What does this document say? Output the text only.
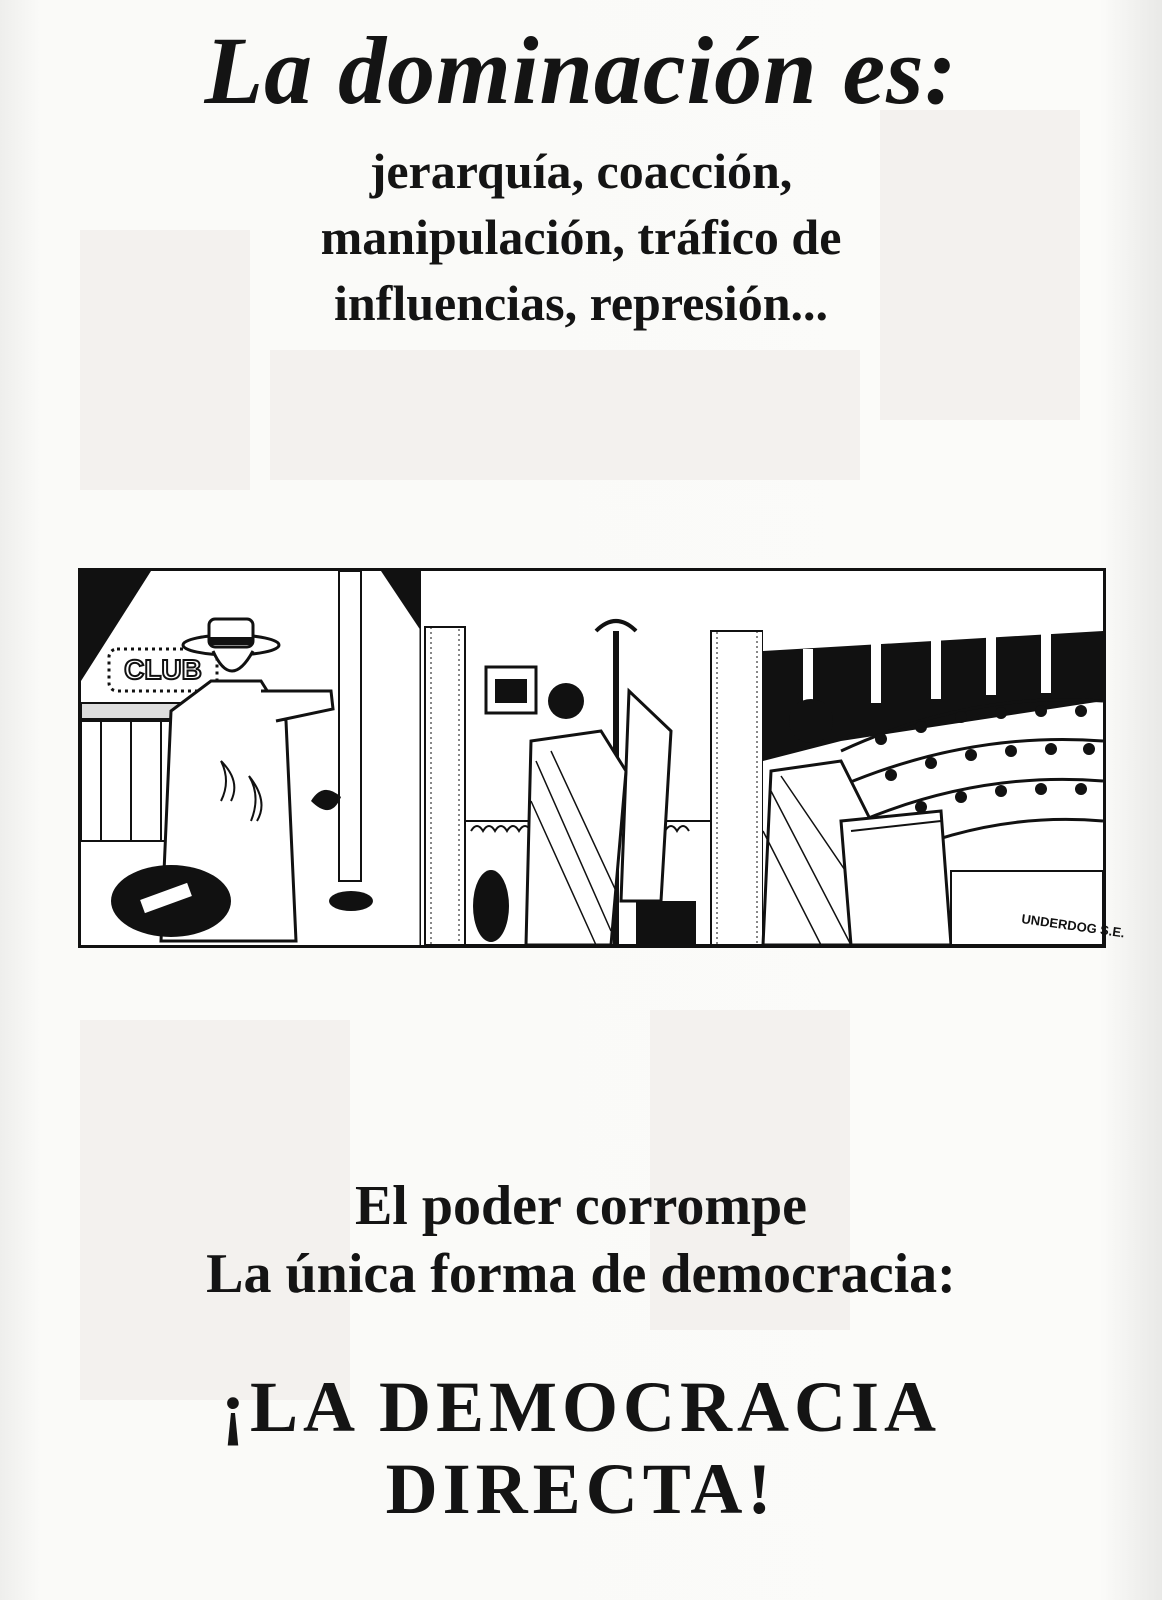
La dominación es:
jerarquía, coacción,
manipulación, tráfico de
influencias, represión...
CLUB
UNDERDOG S.E.
El poder corrompe
La única forma de democracia:
¡LA DEMOCRACIA
DIRECTA!
